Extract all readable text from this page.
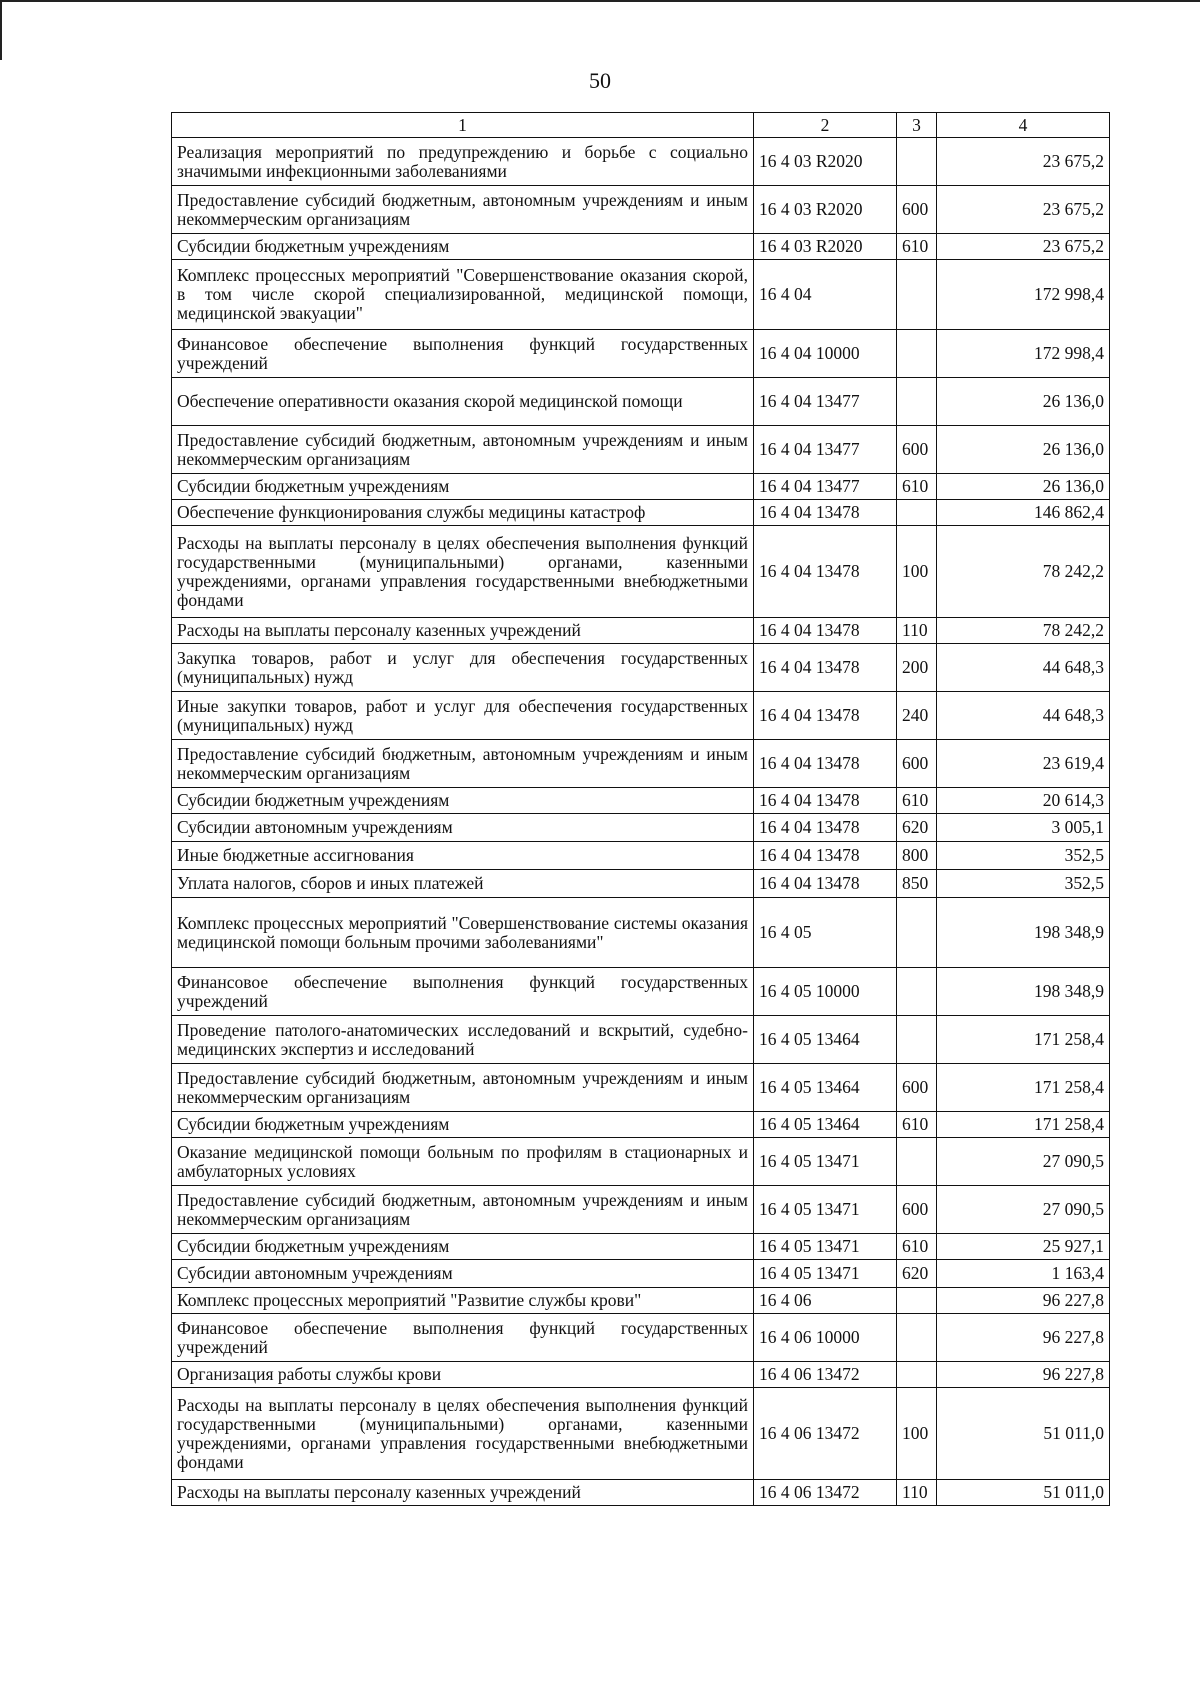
50
1	2	3	4
Реализация мероприятий по предупреждению и борьбе с социально значимыми инфекционными заболеваниями	16 4 03 R2020		23 675,2
Предоставление субсидий бюджетным, автономным учреждениям и иным некоммерческим организациям	16 4 03 R2020	600	23 675,2
Субсидии бюджетным учреждениям	16 4 03 R2020	610	23 675,2
Комплекс процессных мероприятий "Совершенствование оказания скорой, в том числе скорой специализированной, медицинской помощи, медицинской эвакуации"	16 4 04		172 998,4
Финансовое обеспечение выполнения функций государственных учреждений	16 4 04 10000		172 998,4
Обеспечение оперативности оказания скорой медицинской помощи	16 4 04 13477		26 136,0
Предоставление субсидий бюджетным, автономным учреждениям и иным некоммерческим организациям	16 4 04 13477	600	26 136,0
Субсидии бюджетным учреждениям	16 4 04 13477	610	26 136,0
Обеспечение функционирования службы медицины катастроф	16 4 04 13478		146 862,4
Расходы на выплаты персоналу в целях обеспечения выполнения функций государственными (муниципальными) органами, казенными учреждениями, органами управления государственными внебюджетными фондами	16 4 04 13478	100	78 242,2
Расходы на выплаты персоналу казенных учреждений	16 4 04 13478	110	78 242,2
Закупка товаров, работ и услуг для обеспечения государственных (муниципальных) нужд	16 4 04 13478	200	44 648,3
Иные закупки товаров, работ и услуг для обеспечения государственных (муниципальных) нужд	16 4 04 13478	240	44 648,3
Предоставление субсидий бюджетным, автономным учреждениям и иным некоммерческим организациям	16 4 04 13478	600	23 619,4
Субсидии бюджетным учреждениям	16 4 04 13478	610	20 614,3
Субсидии автономным учреждениям	16 4 04 13478	620	3 005,1
Иные бюджетные ассигнования	16 4 04 13478	800	352,5
Уплата налогов, сборов и иных платежей	16 4 04 13478	850	352,5
Комплекс процессных мероприятий "Совершенствование системы оказания медицинской помощи больным прочими заболеваниями"	16 4 05		198 348,9
Финансовое обеспечение выполнения функций государственных учреждений	16 4 05 10000		198 348,9
Проведение патолого-анатомических исследований и вскрытий, судебно-медицинских экспертиз и исследований	16 4 05 13464		171 258,4
Предоставление субсидий бюджетным, автономным учреждениям и иным некоммерческим организациям	16 4 05 13464	600	171 258,4
Субсидии бюджетным учреждениям	16 4 05 13464	610	171 258,4
Оказание медицинской помощи больным по профилям в стационарных и амбулаторных условиях	16 4 05 13471		27 090,5
Предоставление субсидий бюджетным, автономным учреждениям и иным некоммерческим организациям	16 4 05 13471	600	27 090,5
Субсидии бюджетным учреждениям	16 4 05 13471	610	25 927,1
Субсидии автономным учреждениям	16 4 05 13471	620	1 163,4
Комплекс процессных мероприятий "Развитие службы крови"	16 4 06		96 227,8
Финансовое обеспечение выполнения функций государственных учреждений	16 4 06 10000		96 227,8
Организация работы службы крови	16 4 06 13472		96 227,8
Расходы на выплаты персоналу в целях обеспечения выполнения функций государственными (муниципальными) органами, казенными учреждениями, органами управления государственными внебюджетными фондами	16 4 06 13472	100	51 011,0
Расходы на выплаты персоналу казенных учреждений	16 4 06 13472	110	51 011,0
